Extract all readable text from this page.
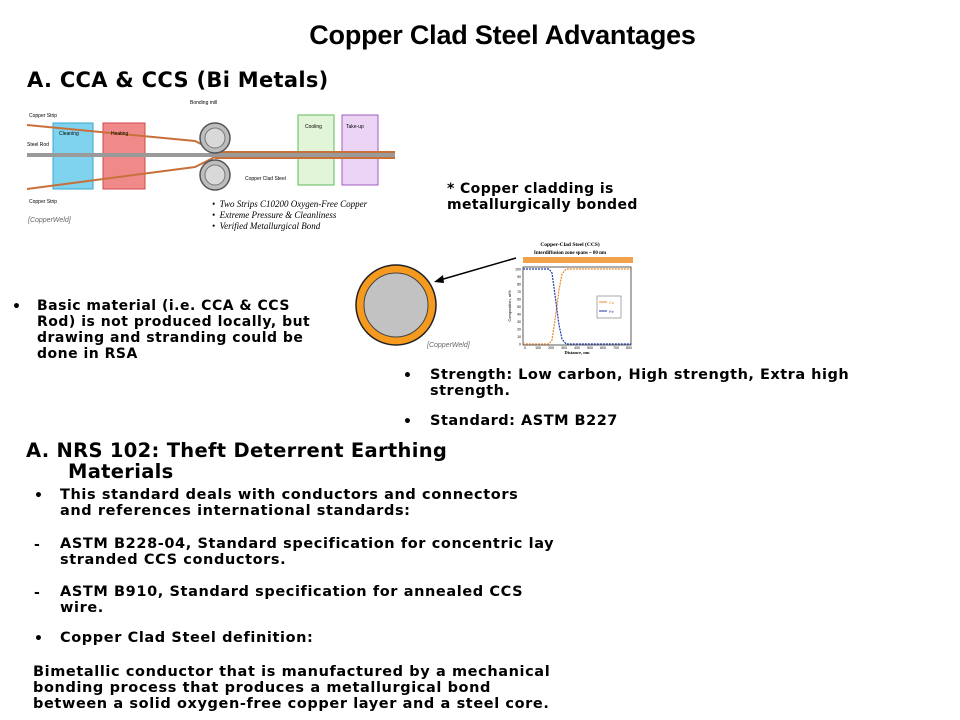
Copper Clad Steel Advantages
A. CCA & CCS (Bi Metals)
Copper Strip
Steel Rod
Copper Strip
Bonding mill
Copper Clad Steel
Cleaning	Heating
Cooling	Take-up
[CopperWeld]
•  Two Strips C10200 Oxygen-Free Copper
•  Extreme Pressure & Cleanliness
•  Verified Metallurgical Bond
* Copper cladding is
metallurgically bonded
• Basic material (i.e. CCA & CCS
Rod) is not produced locally, but
drawing and stranding could be
done in RSA
[CopperWeld]
Copper-Clad Steel (CCS)
Interdiffusion zone spans ~ 80 nm
100
90
80
70
60
50
40
30
20
10
0
0	100 200 300 400 500 600 700 800
Composition, at%
Distance, nm
Cu
Fe
• Strength: Low carbon, High strength, Extra high
strength.
• Standard: ASTM B227
A. NRS 102: Theft Deterrent Earthing
Materials
• This standard deals with conductors and connectors
and references international standards:
- ASTM B228-04, Standard specification for concentric lay
stranded CCS conductors.
- ASTM B910, Standard specification for annealed CCS
wire.
• Copper Clad Steel definition:
Bimetallic conductor that is manufactured by a mechanical
bonding process that produces a metallurgical bond
between a solid oxygen-free copper layer and a steel core.
